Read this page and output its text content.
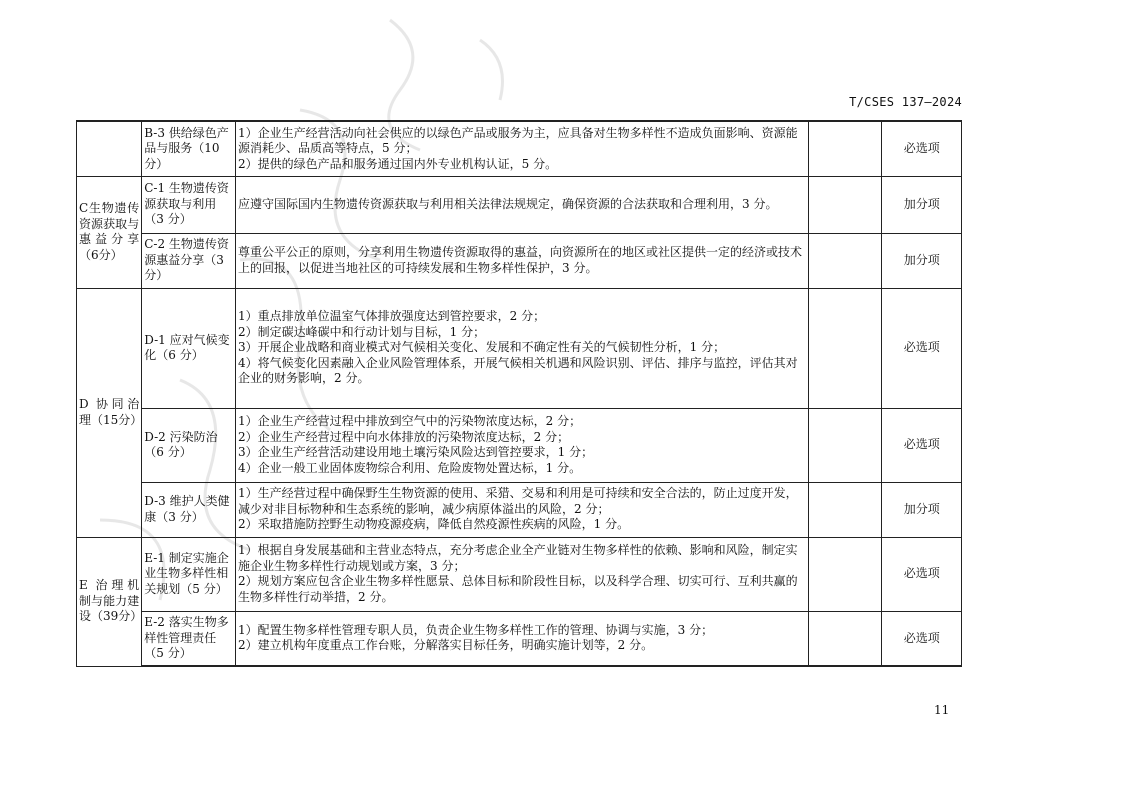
T/CSES 137—2024
	B-3 供给绿色产品与服务（10分）	1）企业生产经营活动向社会供应的以绿色产品或服务为主，应具备对生物多样性不造成负面影响、资源能源消耗少、品质高等特点，5 分；
2）提供的绿色产品和服务通过国内外专业机构认证，5 分。		必选项
C生物遗传资源获取与惠益分享（6分）	C-1 生物遗传资源获取与利用（3 分）	应遵守国际国内生物遗传资源获取与利用相关法律法规规定，确保资源的合法获取和合理利用，3 分。		加分项
	C-2 生物遗传资源惠益分享（3 分）	尊重公平公正的原则，分享利用生物遗传资源取得的惠益，向资源所在的地区或社区提供一定的经济或技术上的回报，以促进当地社区的可持续发展和生物多样性保护，3 分。		加分项
D 协同治理（15分）	D-1 应对气候变化（6 分）	1）重点排放单位温室气体排放强度达到管控要求，2 分；
2）制定碳达峰碳中和行动计划与目标，1 分；
3）开展企业战略和商业模式对气候相关变化、发展和不确定性有关的气候韧性分析，1 分；
4）将气候变化因素融入企业风险管理体系，开展气候相关机遇和风险识别、评估、排序与监控，评估其对企业的财务影响，2 分。		必选项
	D-2 污染防治（6 分）	1）企业生产经营过程中排放到空气中的污染物浓度达标，2 分；
2）企业生产经营过程中向水体排放的污染物浓度达标，2 分；
3）企业生产经营活动建设用地土壤污染风险达到管控要求，1 分；
4）企业一般工业固体废物综合利用、危险废物处置达标，1 分。		必选项
	D-3 维护人类健康（3 分）	1）生产经营过程中确保野生生物资源的使用、采猎、交易和利用是可持续和安全合法的，防止过度开发，减少对非目标物种和生态系统的影响，减少病原体溢出的风险，2 分；
2）采取措施防控野生动物疫源疫病，降低自然疫源性疾病的风险，1 分。		加分项
E 治理机制与能力建设（39分）	E-1 制定实施企业生物多样性相关规划（5 分）	1）根据自身发展基础和主营业态特点，充分考虑企业全产业链对生物多样性的依赖、影响和风险，制定实施企业生物多样性行动规划或方案，3 分；
2）规划方案应包含企业生物多样性愿景、总体目标和阶段性目标，以及科学合理、切实可行、互利共赢的生物多样性行动举措，2 分。		必选项
	E-2 落实生物多样性管理责任（5 分）	1）配置生物多样性管理专职人员，负责企业生物多样性工作的管理、协调与实施，3 分；
2）建立机构年度重点工作台账，分解落实目标任务，明确实施计划等，2 分。		必选项
11
